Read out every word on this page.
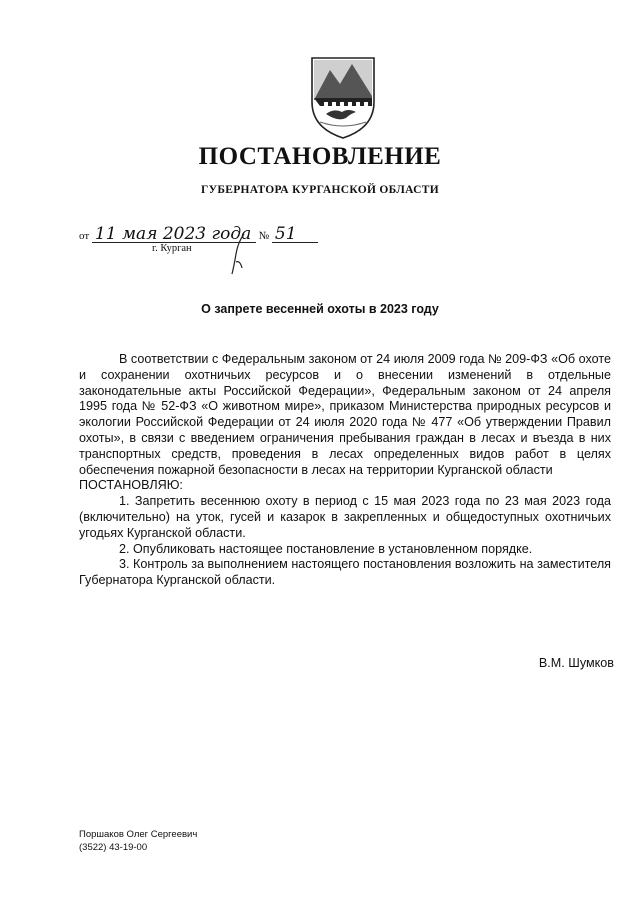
ПОСТАНОВЛЕНИЕ
ГУБЕРНАТОРА КУРГАНСКОЙ ОБЛАСТИ
от 11 мая 2023 года № 51
г. Курган
О запрете весенней охоты в 2023 году

В соответствии с Федеральным законом от 24 июля 2009 года № 209-ФЗ «Об охоте и сохранении охотничьих ресурсов и о внесении изменений в отдельные законодательные акты Российской Федерации», Федеральным законом от 24 апреля 1995 года № 52-ФЗ «О животном мире», приказом Министерства природных ресурсов и экологии Российской Федерации от 24 июля 2020 года № 477 «Об утверждении Правил охоты», в связи с введением ограничения пребывания граждан в лесах и въезда в них транспортных средств, проведения в лесах определенных видов работ в целях обеспечения пожарной безопасности в лесах на территории Курганской области

ПОСТАНОВЛЯЮ:

1. Запретить весеннюю охоту в период с 15 мая 2023 года по 23 мая 2023 года (включительно) на уток, гусей и казарок в закрепленных и общедоступных охотничьих угодьях Курганской области.

2. Опубликовать настоящее постановление в установленном порядке.

3. Контроль за выполнением настоящего постановления возложить на заместителя Губернатора Курганской области.

В.М. Шумков
Поршаков Олег Сергеевич
(3522) 43-19-00
